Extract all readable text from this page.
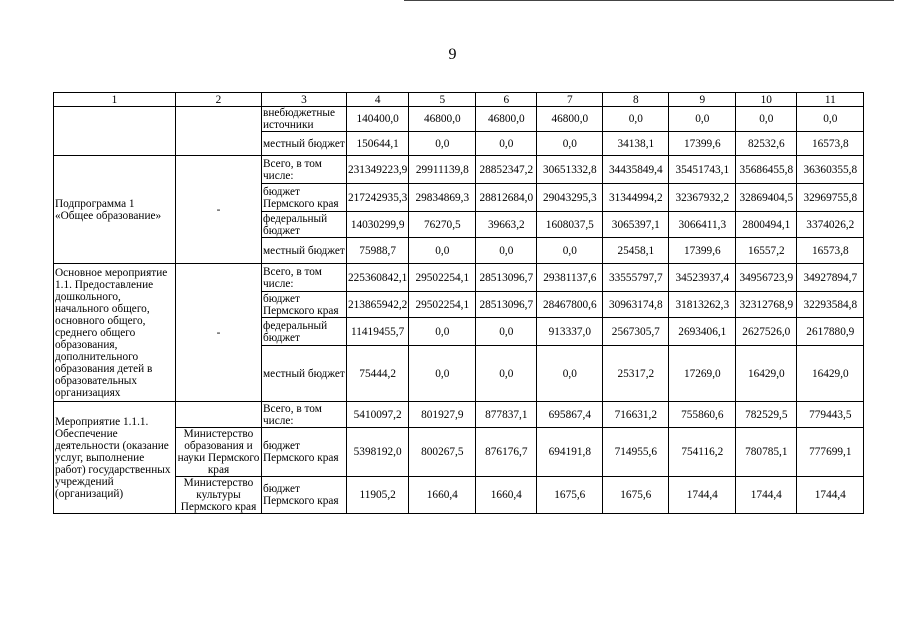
9
1	2	3	4	5	6	7	8	9	10	11
		внебюджетные источники	140400,0	46800,0	46800,0	46800,0	0,0	0,0	0,0	0,0
		местный бюджет	150644,1	0,0	0,0	0,0	34138,1	17399,6	82532,6	16573,8
Подпрограмма 1 «Общее образование»	-	Всего, в том числе:	231349223,9	29911139,8	28852347,2	30651332,8	34435849,4	35451743,1	35686455,8	36360355,8
		бюджет Пермского края	217242935,3	29834869,3	28812684,0	29043295,3	31344994,2	32367932,2	32869404,5	32969755,8
		федеральный бюджет	14030299,9	76270,5	39663,2	1608037,5	3065397,1	3066411,3	2800494,1	3374026,2
		местный бюджет	75988,7	0,0	0,0	0,0	25458,1	17399,6	16557,2	16573,8
Основное мероприятие 1.1. Предоставление дошкольного, начального общего, основного общего, среднего общего образования, дополнительного образования детей в образовательных организациях	-	Всего, в том числе:	225360842,1	29502254,1	28513096,7	29381137,6	33555797,7	34523937,4	34956723,9	34927894,7
		бюджет Пермского края	213865942,2	29502254,1	28513096,7	28467800,6	30963174,8	31813262,3	32312768,9	32293584,8
		федеральный бюджет	11419455,7	0,0	0,0	913337,0	2567305,7	2693406,1	2627526,0	2617880,9
		местный бюджет	75444,2	0,0	0,0	0,0	25317,2	17269,0	16429,0	16429,0
Мероприятие 1.1.1. Обеспечение деятельности (оказание услуг, выполнение работ) государственных учреждений (организаций)		Всего, в том числе:	5410097,2	801927,9	877837,1	695867,4	716631,2	755860,6	782529,5	779443,5
	Министерство образования и науки Пермского края	бюджет Пермского края	5398192,0	800267,5	876176,7	694191,8	714955,6	754116,2	780785,1	777699,1
	Министерство культуры Пермского края	бюджет Пермского края	11905,2	1660,4	1660,4	1675,6	1675,6	1744,4	1744,4	1744,4
